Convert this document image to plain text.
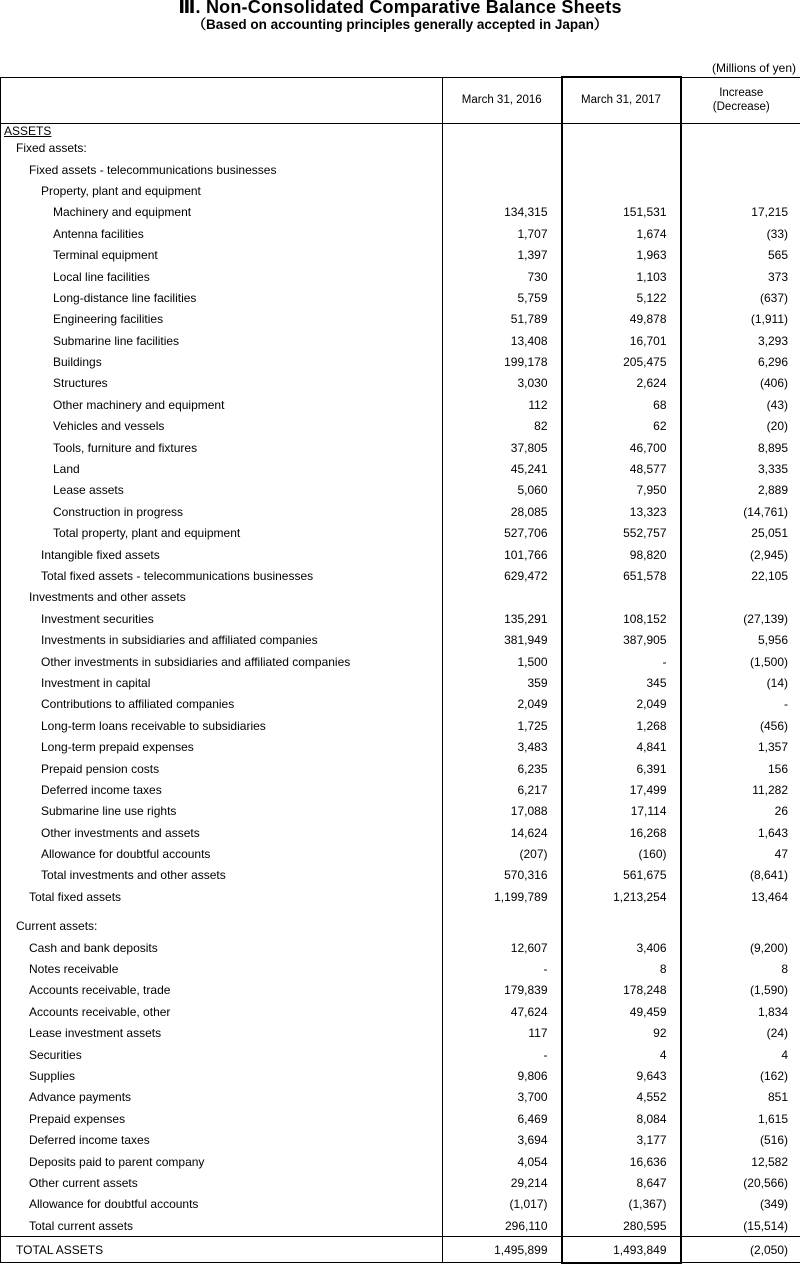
Ⅲ. Non-Consolidated Comparative Balance Sheets
（Based on accounting principles generally accepted in Japan）
(Millions of yen)
	March 31, 2016	March 31, 2017	Increase
(Decrease)
ASSETS			
Fixed assets:			
Fixed assets - telecommunications businesses			
Property, plant and equipment			
Machinery and equipment	134,315	151,531	17,215
Antenna facilities	1,707	1,674	(33)
Terminal equipment	1,397	1,963	565
Local line facilities	730	1,103	373
Long-distance line facilities	5,759	5,122	(637)
Engineering facilities	51,789	49,878	(1,911)
Submarine line facilities	13,408	16,701	3,293
Buildings	199,178	205,475	6,296
Structures	3,030	2,624	(406)
Other machinery and equipment	112	68	(43)
Vehicles and vessels	82	62	(20)
Tools, furniture and fixtures	37,805	46,700	8,895
Land	45,241	48,577	3,335
Lease assets	5,060	7,950	2,889
Construction in progress	28,085	13,323	(14,761)
Total property, plant and equipment	527,706	552,757	25,051
Intangible fixed assets	101,766	98,820	(2,945)
Total fixed assets - telecommunications businesses	629,472	651,578	22,105
Investments and other assets			
Investment securities	135,291	108,152	(27,139)
Investments in subsidiaries and affiliated companies	381,949	387,905	5,956
Other investments in subsidiaries and affiliated companies	1,500	-	(1,500)
Investment in capital	359	345	(14)
Contributions to affiliated companies	2,049	2,049	-
Long-term loans receivable to subsidiaries	1,725	1,268	(456)
Long-term prepaid expenses	3,483	4,841	1,357
Prepaid pension costs	6,235	6,391	156
Deferred income taxes	6,217	17,499	11,282
Submarine line use rights	17,088	17,114	26
Other investments and assets	14,624	16,268	1,643
Allowance for doubtful accounts	(207)	(160)	47
Total investments and other assets	570,316	561,675	(8,641)
Total fixed assets	1,199,789	1,213,254	13,464

Current assets:			
Cash and bank deposits	12,607	3,406	(9,200)
Notes receivable	-	8	8
Accounts receivable, trade	179,839	178,248	(1,590)
Accounts receivable, other	47,624	49,459	1,834
Lease investment assets	117	92	(24)
Securities	-	4	4
Supplies	9,806	9,643	(162)
Advance payments	3,700	4,552	851
Prepaid expenses	6,469	8,084	1,615
Deferred income taxes	3,694	3,177	(516)
Deposits paid to parent company	4,054	16,636	12,582
Other current assets	29,214	8,647	(20,566)
Allowance for doubtful accounts	(1,017)	(1,367)	(349)
Total current assets	296,110	280,595	(15,514)
TOTAL ASSETS	1,495,899	1,493,849	(2,050)
